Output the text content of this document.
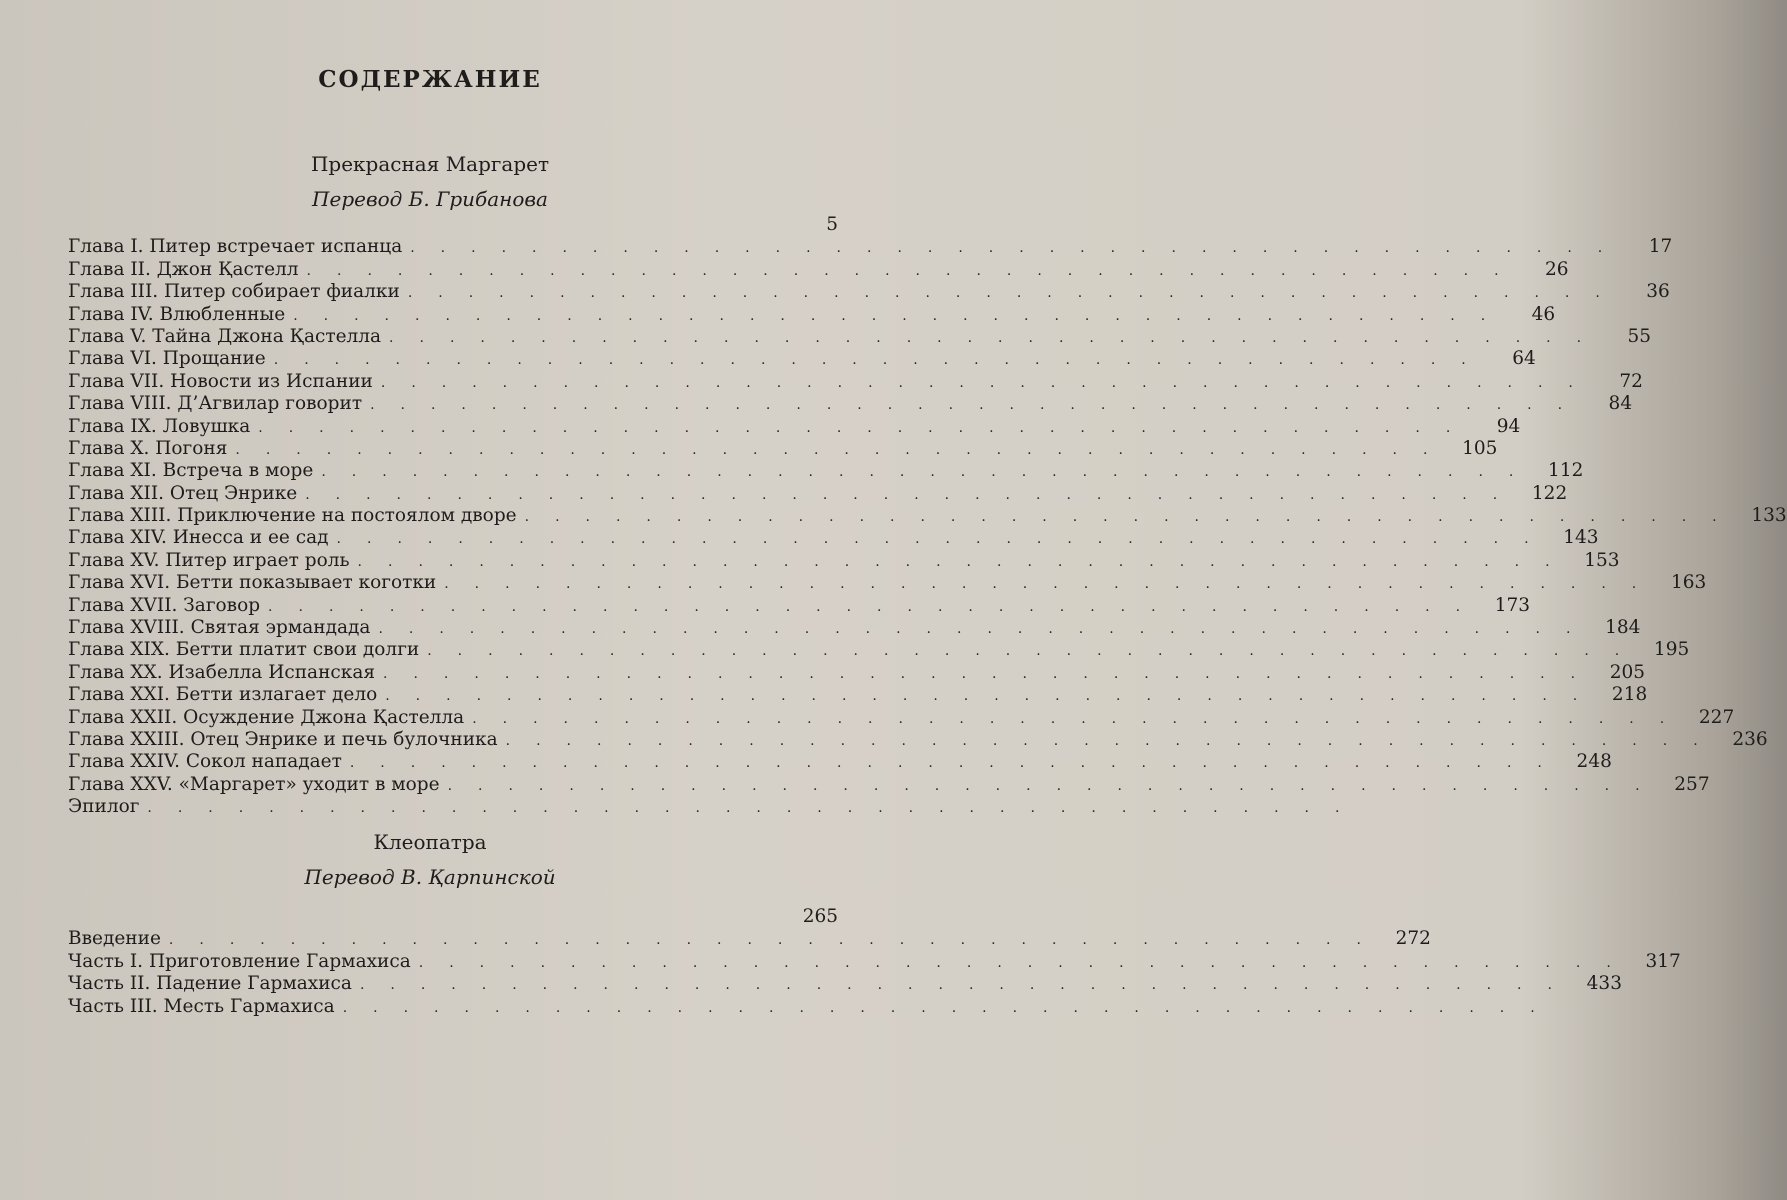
СОДЕРЖАНИЕ
Прекрасная Маргарет
Перевод Б. Грибанова
5
Глава I. Питер встречает испанца ........................................	17
Глава II. Джон Қастелл ........................................	26
Глава III. Питер собирает фиалки ........................................	36
Глава IV. Влюбленные ........................................	46
Глава V. Тайна Джона Қастелла ........................................	55
Глава VI. Прощание ........................................	64
Глава VII. Новости из Испании ........................................	72
Глава VIII. Д’Агвилар говорит ........................................	84
Глава IX. Ловушка ........................................	94
Глава X. Погоня ........................................ 105
Глава XI. Встреча в море ........................................ 112
Глава XII. Отец Энрике ........................................ 122
Глава XIII. Приключение на постоялом дворе ........................................ 133
Глава XIV. Инесса и ее сад ........................................ 143
Глава XV. Питер играет роль ........................................ 153
Глава XVI. Бетти показывает коготки ........................................ 163
Глава XVII. Заговор ........................................ 173
Глава XVIII. Святая эрмандада ........................................ 184
Глава XIX. Бетти платит свои долги ........................................ 195
Глава XX. Изабелла Испанская ........................................ 205
Глава XXI. Бетти излагает дело ........................................ 218
Глава XXII. Осуждение Джона Қастелла ........................................ 227
Глава XXIII. Отец Энрике и печь булочника ........................................ 236
Глава XXIV. Сокол нападает ........................................ 248
Глава XXV. «Маргарет» уходит в море ........................................ 257
Эпилог ........................................
Клеопатра
Перевод В. Қарпинской
265
Введение ........................................ 272
Часть I. Приготовление Гармахиса ........................................ 317
Часть II. Падение Гармахиса ........................................ 433
Часть III. Месть Гармахиса ........................................
